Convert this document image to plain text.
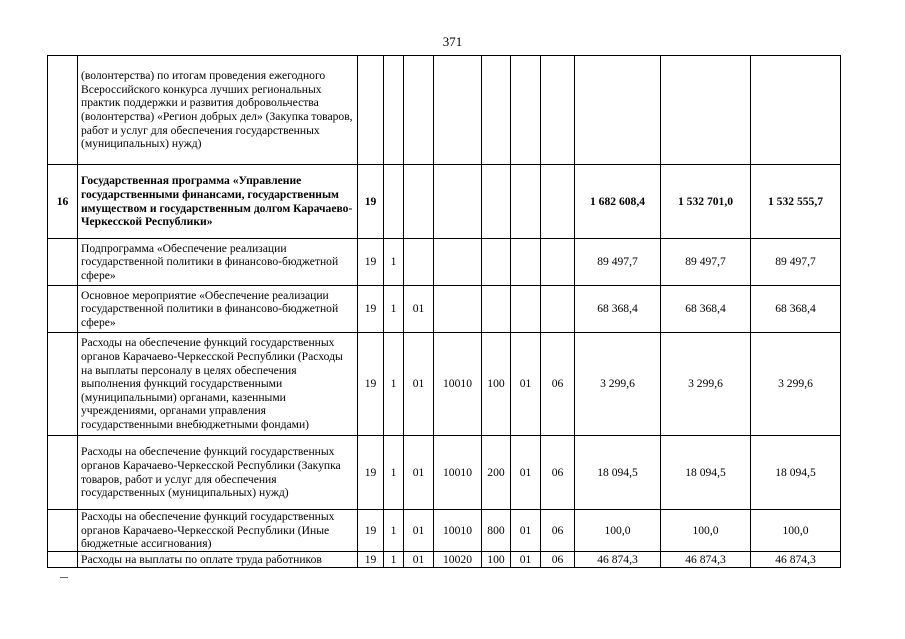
371
	(волонтерства) по итогам проведения ежегодного Всероссийского конкурса лучших региональных практик поддержки и развития добровольчества (волонтерства) «Регион добрых дел» (Закупка товаров, работ и услуг для обеспечения государственных (муниципальных) нужд)										
16	Государственная программа «Управление государственными финансами, государственным имуществом и государственным долгом Карачаево-Черкесской Республики»	19							1 682 608,4	1 532 701,0	1 532 555,7
	Подпрограмма «Обеспечение реализации государственной политики в финансово-бюджетной сфере»	19	1						89 497,7	89 497,7	89 497,7
	Основное мероприятие «Обеспечение реализации государственной политики в финансово-бюджетной сфере»	19	1	01					68 368,4	68 368,4	68 368,4
	Расходы на обеспечение функций государственных органов Карачаево-Черкесской Республики (Расходы на выплаты персоналу в целях обеспечения выполнения функций государственными (муниципальными) органами, казенными учреждениями, органами управления государственными внебюджетными фондами)	19	1	01	10010	100	01	06	3 299,6	3 299,6	3 299,6
	Расходы на обеспечение функций государственных органов Карачаево-Черкесской Республики (Закупка товаров, работ и услуг для обеспечения государственных (муниципальных) нужд)	19	1	01	10010	200	01	06	18 094,5	18 094,5	18 094,5
	Расходы на обеспечение функций государственных органов Карачаево-Черкесской Республики (Иные бюджетные ассигнования)	19	1	01	10010	800	01	06	100,0	100,0	100,0
	Расходы на выплаты по оплате труда работников	19	1	01	10020	100	01	06	46 874,3	46 874,3	46 874,3
